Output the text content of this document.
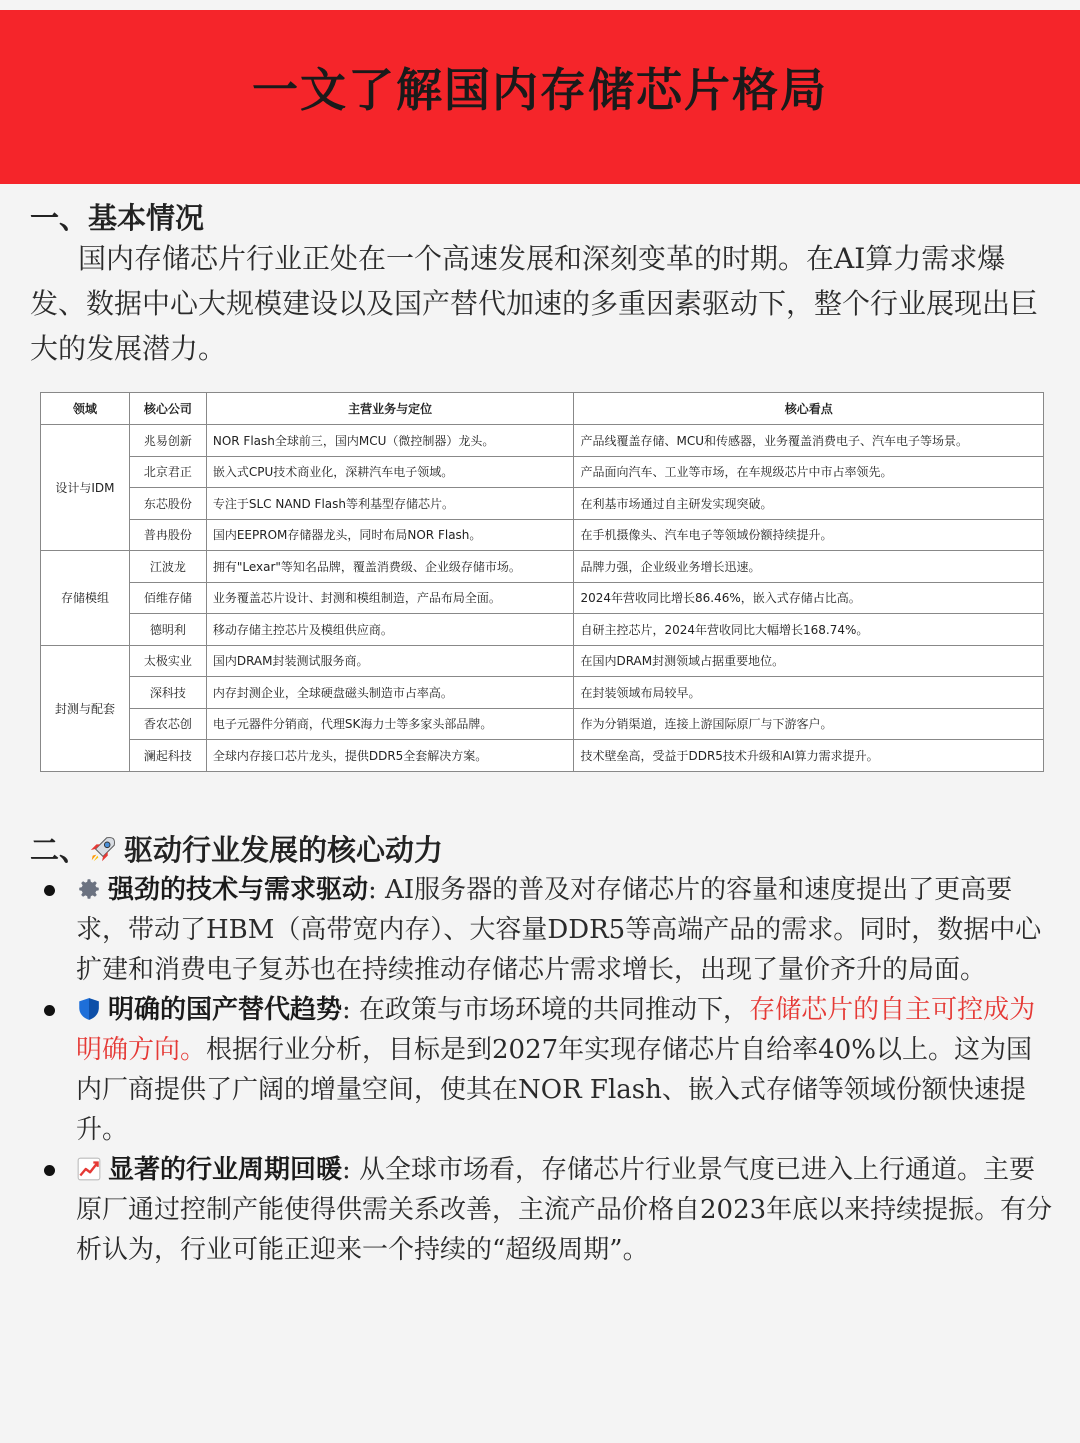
一文了解国内存储芯片格局
一、基本情况
国内存储芯片行业正处在一个高速发展和深刻变革的时期。在AI算力需求爆发、数据中心大规模建设以及国产替代加速的多重因素驱动下，整个行业展现出巨大的发展潜力。
领域	核心公司	主营业务与定位	核心看点
设计与IDM	兆易创新	NOR Flash全球前三，国内MCU（微控制器）龙头。	产品线覆盖存储、MCU和传感器，业务覆盖消费电子、汽车电子等场景。
	北京君正	嵌入式CPU技术商业化，深耕汽车电子领域。	产品面向汽车、工业等市场，在车规级芯片中市占率领先。
	东芯股份	专注于SLC NAND Flash等利基型存储芯片。	在利基市场通过自主研发实现突破。
	普冉股份	国内EEPROM存储器龙头，同时布局NOR Flash。	在手机摄像头、汽车电子等领域份额持续提升。
存储模组	江波龙	拥有"Lexar"等知名品牌，覆盖消费级、企业级存储市场。	品牌力强，企业级业务增长迅速。
	佰维存储	业务覆盖芯片设计、封测和模组制造，产品布局全面。	2024年营收同比增长86.46%，嵌入式存储占比高。
	德明利	移动存储主控芯片及模组供应商。	自研主控芯片，2024年营收同比大幅增长168.74%。
封测与配套	太极实业	国内DRAM封装测试服务商。	在国内DRAM封测领域占据重要地位。
	深科技	内存封测企业，全球硬盘磁头制造市占率高。	在封装领域布局较早。
	香农芯创	电子元器件分销商，代理SK海力士等多家头部品牌。	作为分销渠道，连接上游国际原厂与下游客户。
	澜起科技	全球内存接口芯片龙头，提供DDR5全套解决方案。	技术壁垒高，受益于DDR5技术升级和AI算力需求提升。
二、 驱动行业发展的核心动力
强劲的技术与需求驱动: AI服务器的普及对存储芯片的容量和速度提出了更高要求，带动了HBM（高带宽内存）、大容量DDR5等高端产品的需求。同时，数据中心扩建和消费电子复苏也在持续推动存储芯片需求增长，出现了量价齐升的局面。
明确的国产替代趋势: 在政策与市场环境的共同推动下，存储芯片的自主可控成为明确方向。根据行业分析，目标是到2027年实现存储芯片自给率40%以上。这为国内厂商提供了广阔的增量空间，使其在NOR Flash、嵌入式存储等领域份额快速提升。
显著的行业周期回暖: 从全球市场看，存储芯片行业景气度已进入上行通道。主要原厂通过控制产能使得供需关系改善，主流产品价格自2023年底以来持续提振。有分析认为，行业可能正迎来一个持续的“超级周期”。
